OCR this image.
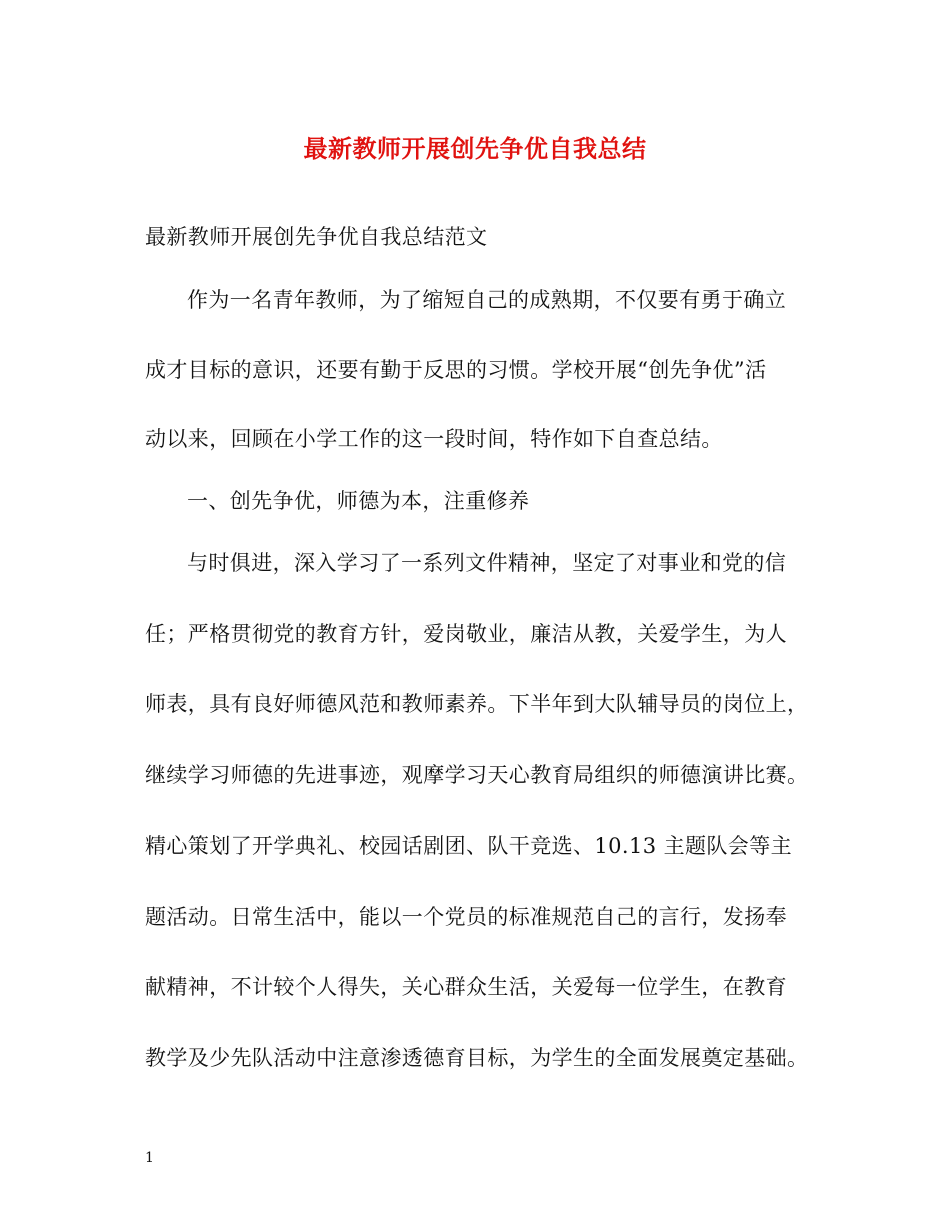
最新教师开展创先争优自我总结
最新教师开展创先争优自我总结范文
作为一名青年教师，为了缩短自己的成熟期，不仅要有勇于确立
成才目标的意识，还要有勤于反思的习惯。学校开展“创先争优”活
动以来，回顾在小学工作的这一段时间，特作如下自查总结。
一、创先争优，师德为本，注重修养
与时俱进，深入学习了一系列文件精神，坚定了对事业和党的信
任；严格贯彻党的教育方针，爱岗敬业，廉洁从教，关爱学生，为人
师表，具有良好师德风范和教师素养。下半年到大队辅导员的岗位上，
继续学习师德的先进事迹，观摩学习天心教育局组织的师德演讲比赛。
精心策划了开学典礼、校园话剧团、队干竞选、10.13 主题队会等主
题活动。日常生活中，能以一个党员的标准规范自己的言行，发扬奉
献精神，不计较个人得失，关心群众生活，关爱每一位学生，在教育
教学及少先队活动中注意渗透德育目标，为学生的全面发展奠定基础。
1
